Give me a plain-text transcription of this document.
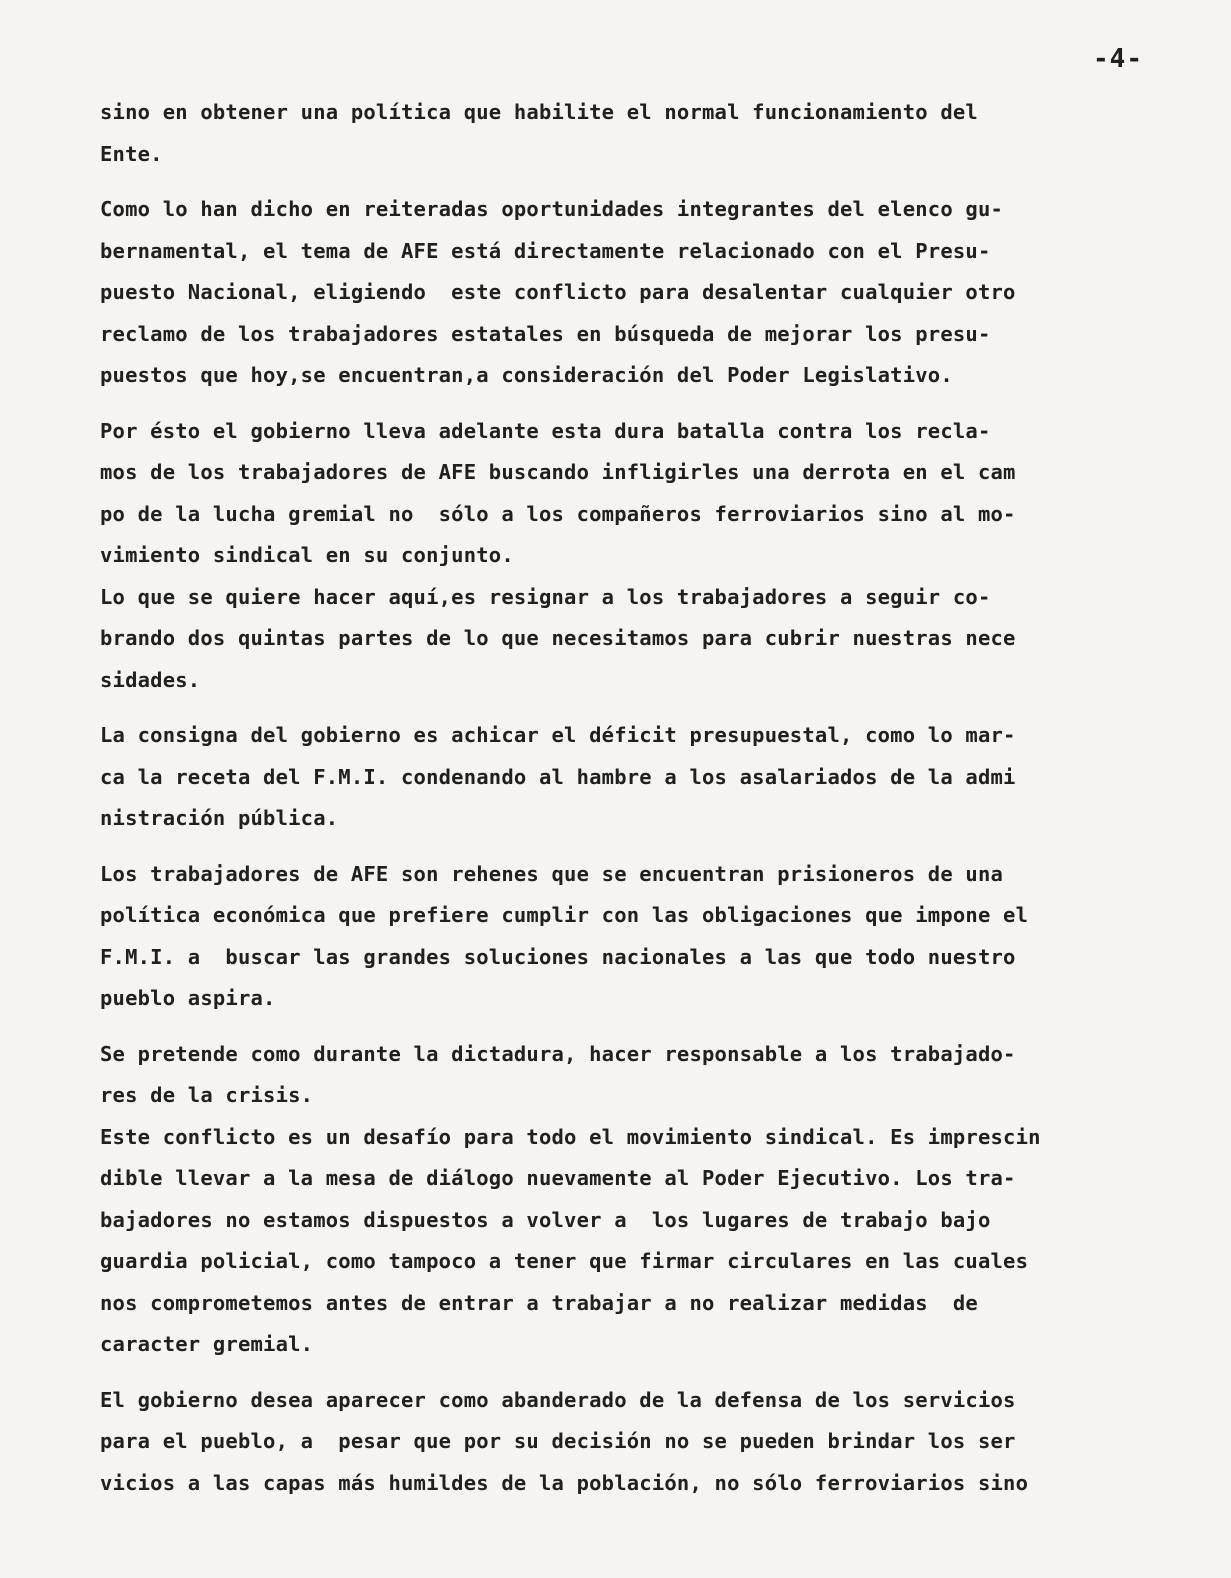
-4-
sino en obtener una política que habilite el normal funcionamiento del
Ente.
Como lo han dicho en reiteradas oportunidades integrantes del elenco gu-
bernamental, el tema de AFE está directamente relacionado con el Presu-
puesto Nacional, eligiendo  este conflicto para desalentar cualquier otro
reclamo de los trabajadores estatales en búsqueda de mejorar los presu-
puestos que hoy,se encuentran,a consideración del Poder Legislativo.
Por ésto el gobierno lleva adelante esta dura batalla contra los recla-
mos de los trabajadores de AFE buscando infligirles una derrota en el cam
po de la lucha gremial no  sólo a los compañeros ferroviarios sino al mo-
vimiento sindical en su conjunto.
Lo que se quiere hacer aquí,es resignar a los trabajadores a seguir co-
brando dos quintas partes de lo que necesitamos para cubrir nuestras nece
sidades.
La consigna del gobierno es achicar el déficit presupuestal, como lo mar-
ca la receta del F.M.I. condenando al hambre a los asalariados de la admi
nistración pública.
Los trabajadores de AFE son rehenes que se encuentran prisioneros de una
política económica que prefiere cumplir con las obligaciones que impone el
F.M.I. a  buscar las grandes soluciones nacionales a las que todo nuestro
pueblo aspira.
Se pretende como durante la dictadura, hacer responsable a los trabajado-
res de la crisis.
Este conflicto es un desafío para todo el movimiento sindical. Es imprescin
dible llevar a la mesa de diálogo nuevamente al Poder Ejecutivo. Los tra-
bajadores no estamos dispuestos a volver a  los lugares de trabajo bajo
guardia policial, como tampoco a tener que firmar circulares en las cuales
nos comprometemos antes de entrar a trabajar a no realizar medidas  de
caracter gremial.
El gobierno desea aparecer como abanderado de la defensa de los servicios
para el pueblo, a  pesar que por su decisión no se pueden brindar los ser
vicios a las capas más humildes de la población, no sólo ferroviarios sino
